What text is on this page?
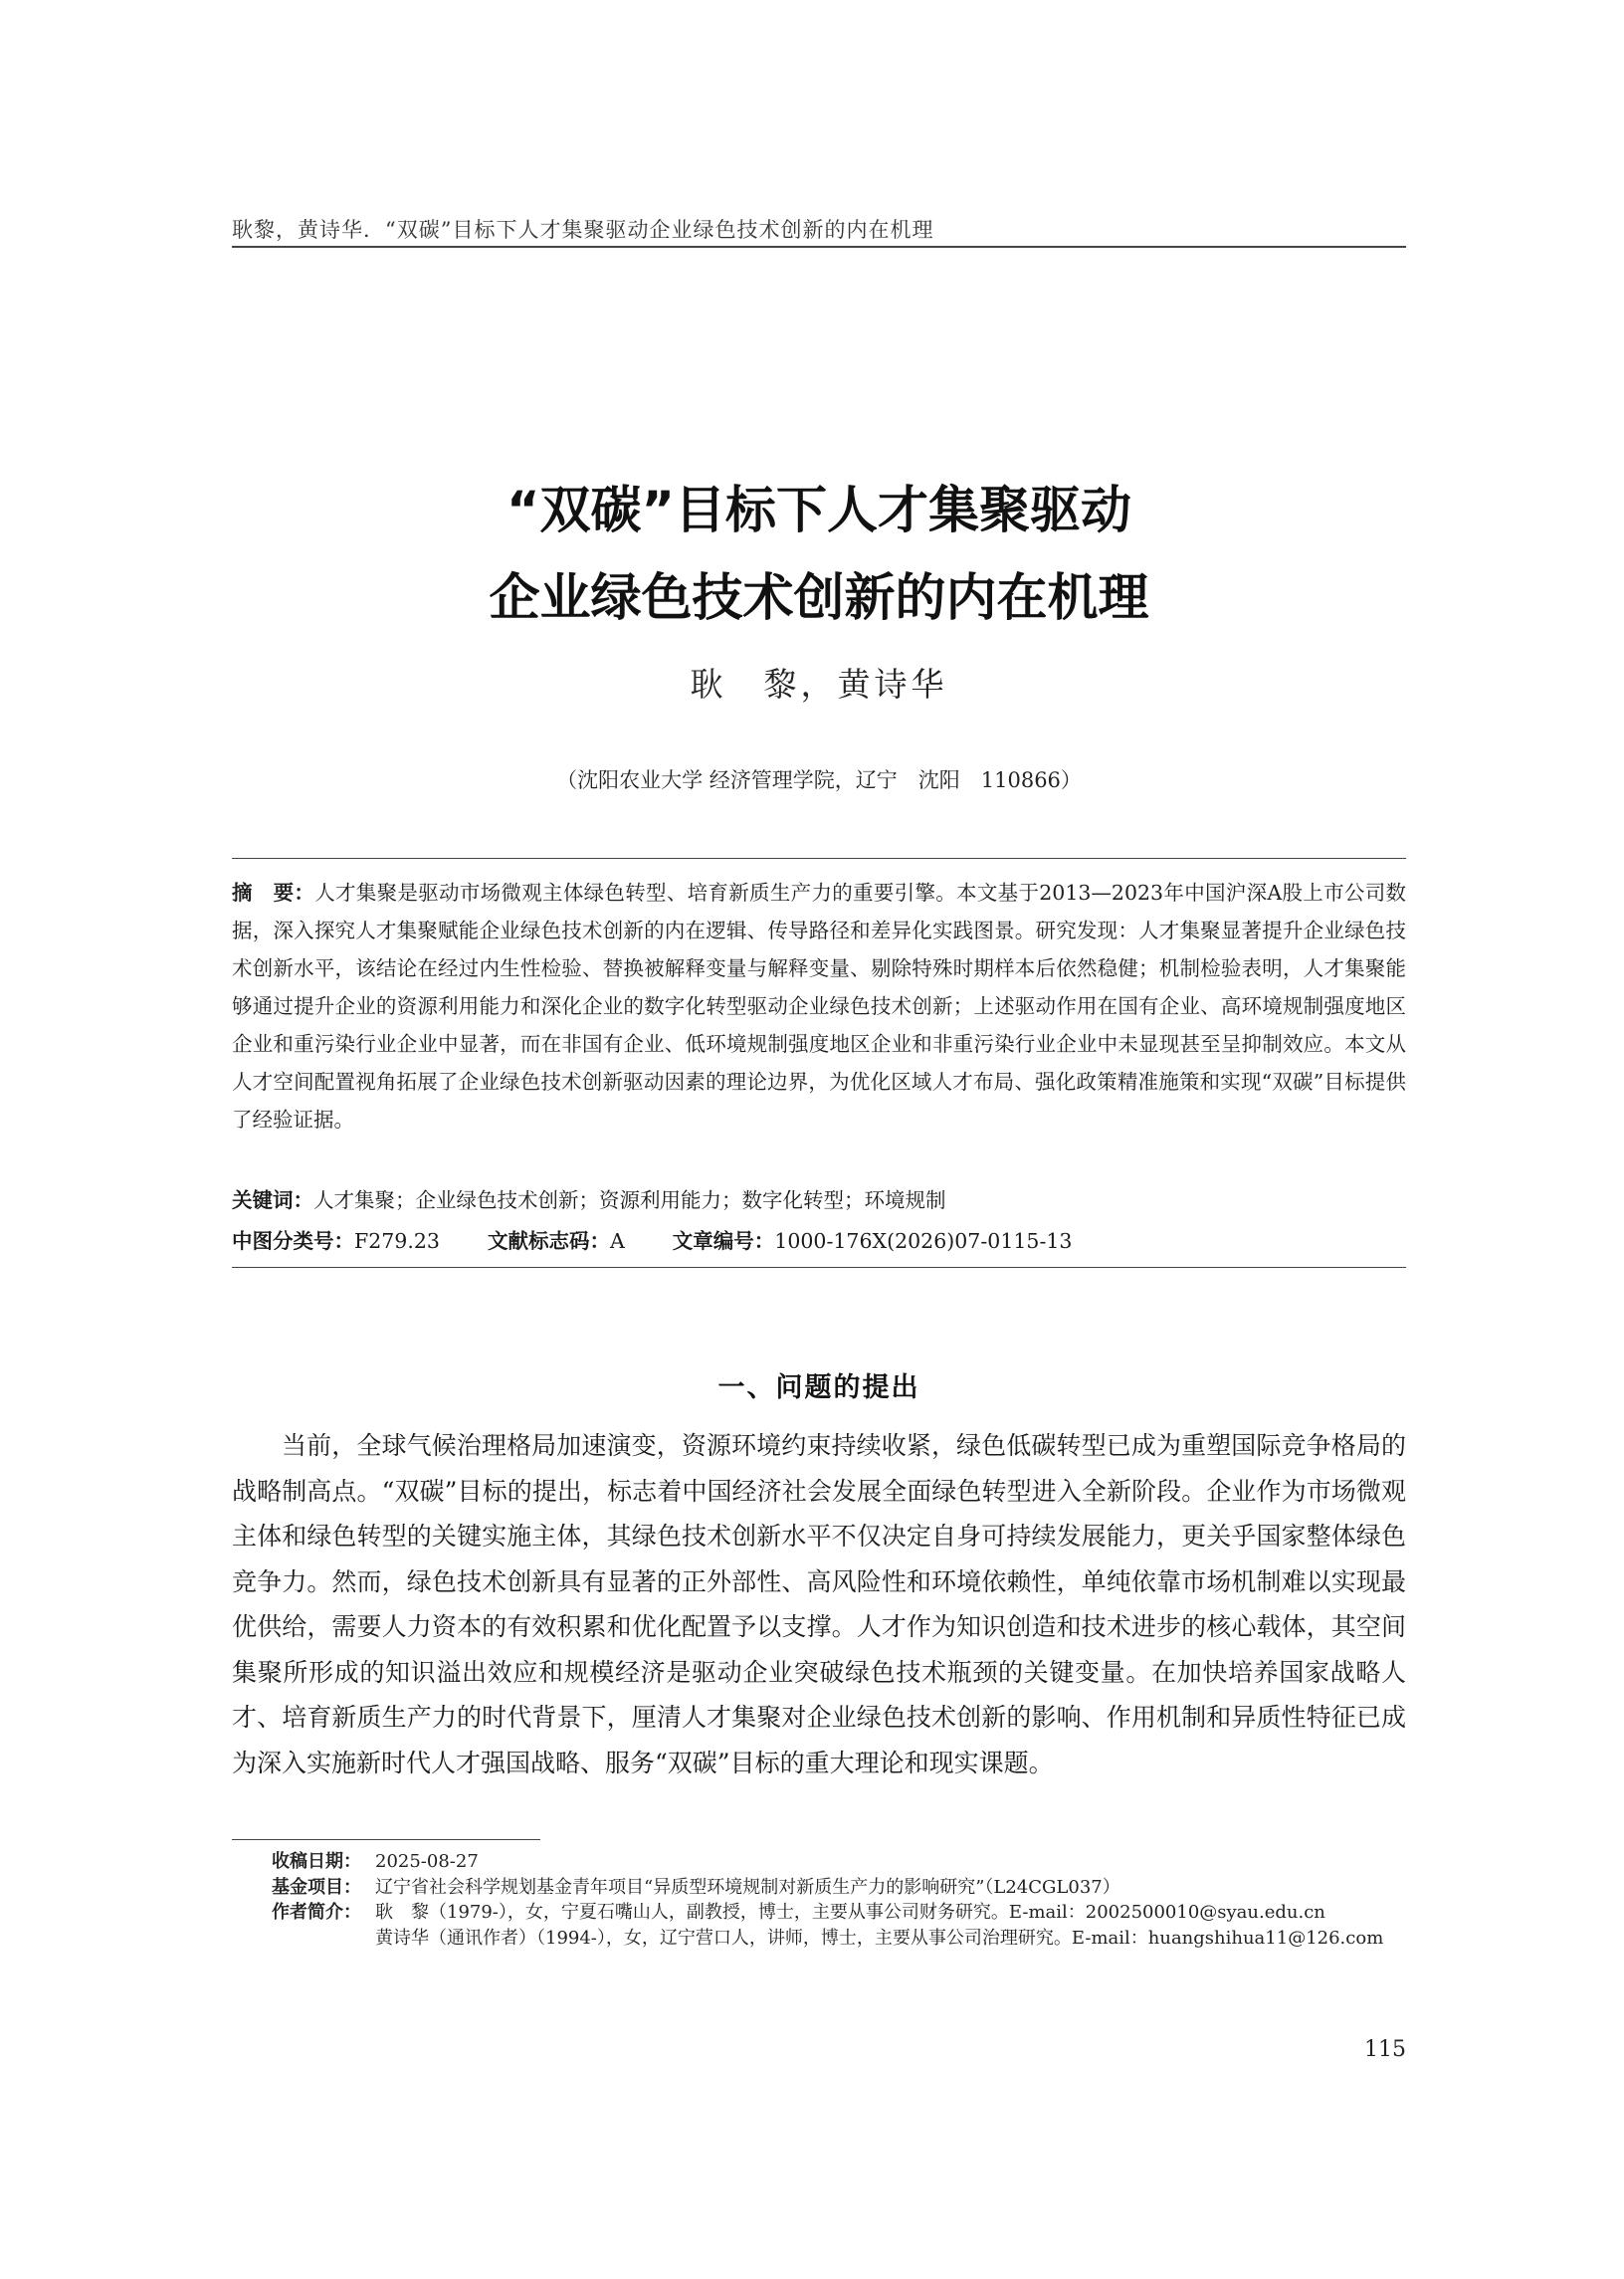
耿黎，黄诗华．“双碳”目标下人才集聚驱动企业绿色技术创新的内在机理
“双碳”目标下人才集聚驱动
企业绿色技术创新的内在机理
耿　黎，黄诗华
（沈阳农业大学 经济管理学院，辽宁　沈阳　110866）
摘　要：人才集聚是驱动市场微观主体绿色转型、培育新质生产力的重要引擎。本文基于2013—2023年中国沪深A股上市公司数据，深入探究人才集聚赋能企业绿色技术创新的内在逻辑、传导路径和差异化实践图景。研究发现：人才集聚显著提升企业绿色技术创新水平，该结论在经过内生性检验、替换被解释变量与解释变量、剔除特殊时期样本后依然稳健；机制检验表明，人才集聚能够通过提升企业的资源利用能力和深化企业的数字化转型驱动企业绿色技术创新；上述驱动作用在国有企业、高环境规制强度地区企业和重污染行业企业中显著，而在非国有企业、低环境规制强度地区企业和非重污染行业企业中未显现甚至呈抑制效应。本文从人才空间配置视角拓展了企业绿色技术创新驱动因素的理论边界，为优化区域人才布局、强化政策精准施策和实现“双碳”目标提供了经验证据。
关键词：人才集聚；企业绿色技术创新；资源利用能力；数字化转型；环境规制
中图分类号：F279.23 文献标志码：A 文章编号：1000-176X(2026)07-0115-13
一、问题的提出
当前，全球气候治理格局加速演变，资源环境约束持续收紧，绿色低碳转型已成为重塑国际竞争格局的战略制高点。“双碳”目标的提出，标志着中国经济社会发展全面绿色转型进入全新阶段。企业作为市场微观主体和绿色转型的关键实施主体，其绿色技术创新水平不仅决定自身可持续发展能力，更关乎国家整体绿色竞争力。然而，绿色技术创新具有显著的正外部性、高风险性和环境依赖性，单纯依靠市场机制难以实现最优供给，需要人力资本的有效积累和优化配置予以支撑。人才作为知识创造和技术进步的核心载体，其空间集聚所形成的知识溢出效应和规模经济是驱动企业突破绿色技术瓶颈的关键变量。在加快培养国家战略人才、培育新质生产力的时代背景下，厘清人才集聚对企业绿色技术创新的影响、作用机制和异质性特征已成为深入实施新时代人才强国战略、服务“双碳”目标的重大理论和现实课题。
收稿日期： 2025-08-27
基金项目： 辽宁省社会科学规划基金青年项目“异质型环境规制对新质生产力的影响研究”（L24CGL037）
作者简介： 耿　黎（1979-），女，宁夏石嘴山人，副教授，博士，主要从事公司财务研究。E-mail：2002500010@syau.edu.cn
黄诗华（通讯作者）（1994-），女，辽宁营口人，讲师，博士，主要从事公司治理研究。E-mail：huangshihua11@126.com
115
